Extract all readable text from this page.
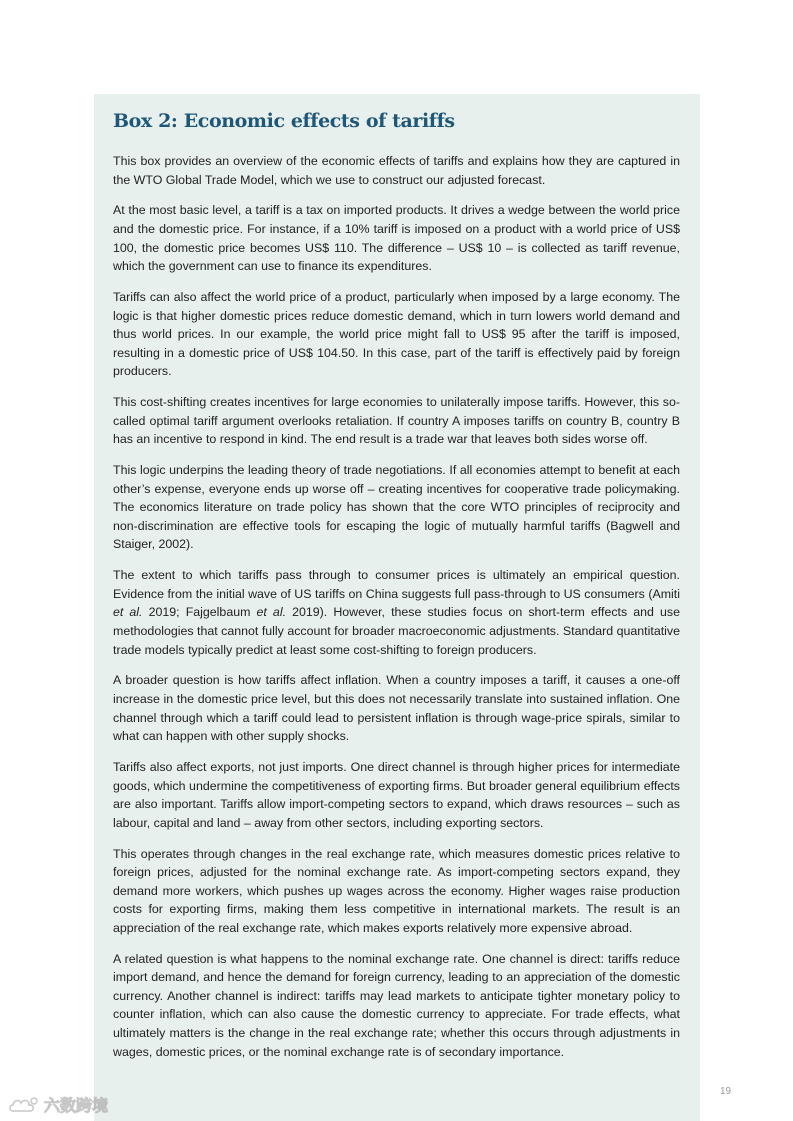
Box 2: Economic effects of tariffs

This box provides an overview of the economic effects of tariffs and explains how they are captured in the WTO Global Trade Model, which we use to construct our adjusted forecast.

At the most basic level, a tariff is a tax on imported products. It drives a wedge between the world price and the domestic price. For instance, if a 10% tariff is imposed on a product with a world price of US$ 100, the domestic price becomes US$ 110. The difference – US$ 10 – is collected as tariff revenue, which the government can use to finance its expenditures.

Tariffs can also affect the world price of a product, particularly when imposed by a large economy. The logic is that higher domestic prices reduce domestic demand, which in turn lowers world demand and thus world prices. In our example, the world price might fall to US$ 95 after the tariff is imposed, resulting in a domestic price of US$ 104.50. In this case, part of the tariff is effectively paid by foreign producers.

This cost-shifting creates incentives for large economies to unilaterally impose tariffs. However, this so-called optimal tariff argument overlooks retaliation. If country A imposes tariffs on country B, country B has an incentive to respond in kind. The end result is a trade war that leaves both sides worse off.

This logic underpins the leading theory of trade negotiations. If all economies attempt to benefit at each other’s expense, everyone ends up worse off – creating incentives for cooperative trade policymaking. The economics literature on trade policy has shown that the core WTO principles of reciprocity and non-discrimination are effective tools for escaping the logic of mutually harmful tariffs (Bagwell and Staiger, 2002).

The extent to which tariffs pass through to consumer prices is ultimately an empirical question. Evidence from the initial wave of US tariffs on China suggests full pass-through to US consumers (Amiti et al. 2019; Fajgelbaum et al. 2019). However, these studies focus on short-term effects and use methodologies that cannot fully account for broader macroeconomic adjustments. Standard quantitative trade models typically predict at least some cost-shifting to foreign producers.

A broader question is how tariffs affect inflation. When a country imposes a tariff, it causes a one-off increase in the domestic price level, but this does not necessarily translate into sustained inflation. One channel through which a tariff could lead to persistent inflation is through wage-price spirals, similar to what can happen with other supply shocks.

Tariffs also affect exports, not just imports. One direct channel is through higher prices for intermediate goods, which undermine the competitiveness of exporting firms. But broader general equilibrium effects are also important. Tariffs allow import-competing sectors to expand, which draws resources – such as labour, capital and land – away from other sectors, including exporting sectors.

This operates through changes in the real exchange rate, which measures domestic prices relative to foreign prices, adjusted for the nominal exchange rate. As import-competing sectors expand, they demand more workers, which pushes up wages across the economy. Higher wages raise production costs for exporting firms, making them less competitive in international markets. The result is an appreciation of the real exchange rate, which makes exports relatively more expensive abroad.

A related question is what happens to the nominal exchange rate. One channel is direct: tariffs reduce import demand, and hence the demand for foreign currency, leading to an appreciation of the domestic currency. Another channel is indirect: tariffs may lead markets to anticipate tighter monetary policy to counter inflation, which can also cause the domestic currency to appreciate. For trade effects, what ultimately matters is the change in the real exchange rate; whether this occurs through adjustments in wages, domestic prices, or the nominal exchange rate is of secondary importance.

19
六数跨境
